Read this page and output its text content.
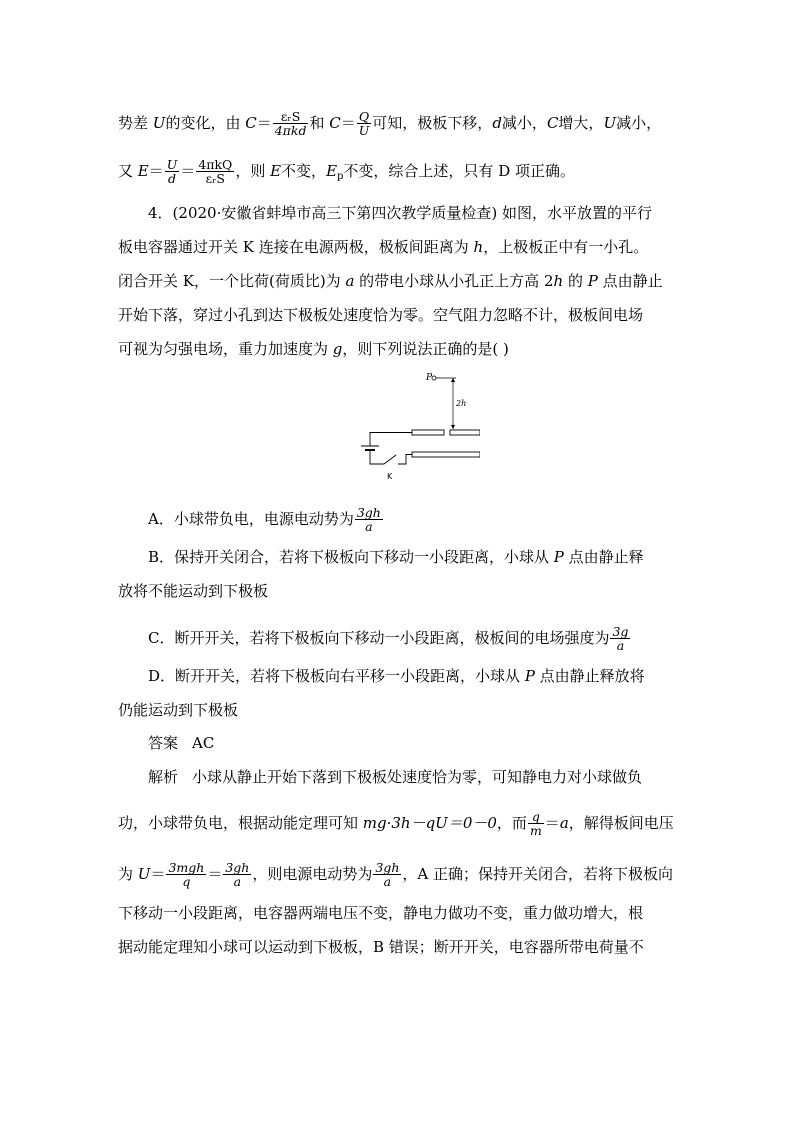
势差 U的变化，由 $C= \frac{\text{εᵣS}}{\text{4πkd}}$ 和 $C= \frac{Q}{U}$ 可知，极板下移，d减小，C增大，U减小，
又 $E= \frac{U}{d} = \frac{\text{4πkQ}}{\text{εᵣS}}$ ，则 E不变，$E_p$不变，综合上述，只有 D 项正确。
4．(2020·安徽省蚌埠市高三下第四次教学质量检查) 如图，水平放置的平行
板电容器通过开关 K 连接在电源两极，极板间距离为 h，上极板正中有一小孔。
闭合开关 K，一个比荷(荷质比)为 a 的带电小球从小孔正上方高 2h 的 P 点由静止
开始下落，穿过小孔到达下极板处速度恰为零。空气阻力忽略不计，极板间电场
可视为匀强电场，重力加速度为 g，则下列说法正确的是( )
P
2h
K
A．小球带负电，电源电动势为 $\frac{3gh}{a}$
B．保持开关闭合，若将下极板向下移动一小段距离，小球从 P 点由静止释
放将不能运动到下极板
C．断开开关，若将下极板向下移动一小段距离，极板间的电场强度为 $\frac{3g}{a}$
D．断开开关，若将下极板向右平移一小段距离，小球从 P 点由静止释放将
仍能运动到下极板
答案 AC
解析 小球从静止开始下落到下极板处速度恰为零，可知静电力对小球做负
功，小球带负电，根据动能定理可知 mg·3h－qU＝0－0，而 $\frac{q}{m} =a$，解得板间电压
为 $U= \frac{\text{3mgh}}{q} = \frac{3gh}{a}$ ，则电源电动势为 $\frac{3gh}{a}$ ，A 正确；保持开关闭合，若将下极板向
下移动一小段距离，电容器两端电压不变，静电力做功不变，重力做功增大，根
据动能定理知小球可以运动到下极板，B 错误；断开开关，电容器所带电荷量不
